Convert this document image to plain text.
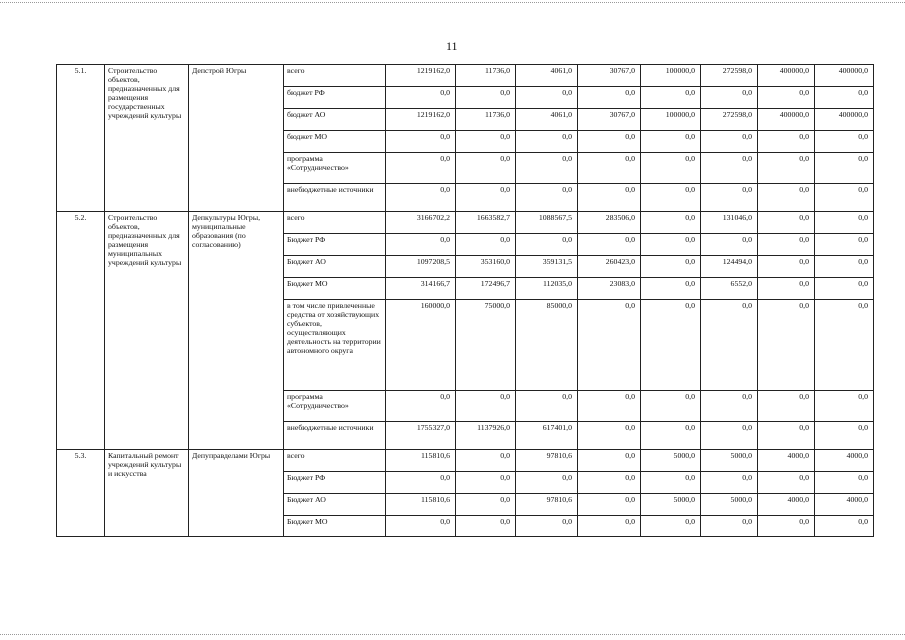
11
5.1.	Строительство объектов, предназначенных для размещения государственных учреждений культуры	Депстрой Югры	всего	1219162,0	11736,0	4061,0	30767,0	100000,0	272598,0	400000,0	400000,0
			бюджет РФ	0,0	0,0	0,0	0,0	0,0	0,0	0,0	0,0
			бюджет АО	1219162,0	11736,0	4061,0	30767,0	100000,0	272598,0	400000,0	400000,0
			бюджет МО	0,0	0,0	0,0	0,0	0,0	0,0	0,0	0,0
			программа «Сотрудничество»	0,0	0,0	0,0	0,0	0,0	0,0	0,0	0,0
			внебюджетные источники	0,0	0,0	0,0	0,0	0,0	0,0	0,0	0,0
5.2.	Строительство объектов, предназначенных для размещения муниципальных учреждений культуры	Депкультуры Югры, муниципальные образования (по согласованию)	всего	3166702,2	1663582,7	1088567,5	283506,0	0,0	131046,0	0,0	0,0
			Бюджет РФ	0,0	0,0	0,0	0,0	0,0	0,0	0,0	0,0
			Бюджет АО	1097208,5	353160,0	359131,5	260423,0	0,0	124494,0	0,0	0,0
			Бюджет МО	314166,7	172496,7	112035,0	23083,0	0,0	6552,0	0,0	0,0
			в том числе привлеченные средства от хозяйствующих субъектов, осуществляющих деятельность на территории автономного округа	160000,0	75000,0	85000,0	0,0	0,0	0,0	0,0	0,0
			программа «Сотрудничество»	0,0	0,0	0,0	0,0	0,0	0,0	0,0	0,0
			внебюджетные источники	1755327,0	1137926,0	617401,0	0,0	0,0	0,0	0,0	0,0
5.3.	Капитальный ремонт учреждений культуры и искусства	Депуправделами Югры	всего	115810,6	0,0	97810,6	0,0	5000,0	5000,0	4000,0	4000,0
			Бюджет РФ	0,0	0,0	0,0	0,0	0,0	0,0	0,0	0,0
			Бюджет АО	115810,6	0,0	97810,6	0,0	5000,0	5000,0	4000,0	4000,0
			Бюджет МО	0,0	0,0	0,0	0,0	0,0	0,0	0,0	0,0
